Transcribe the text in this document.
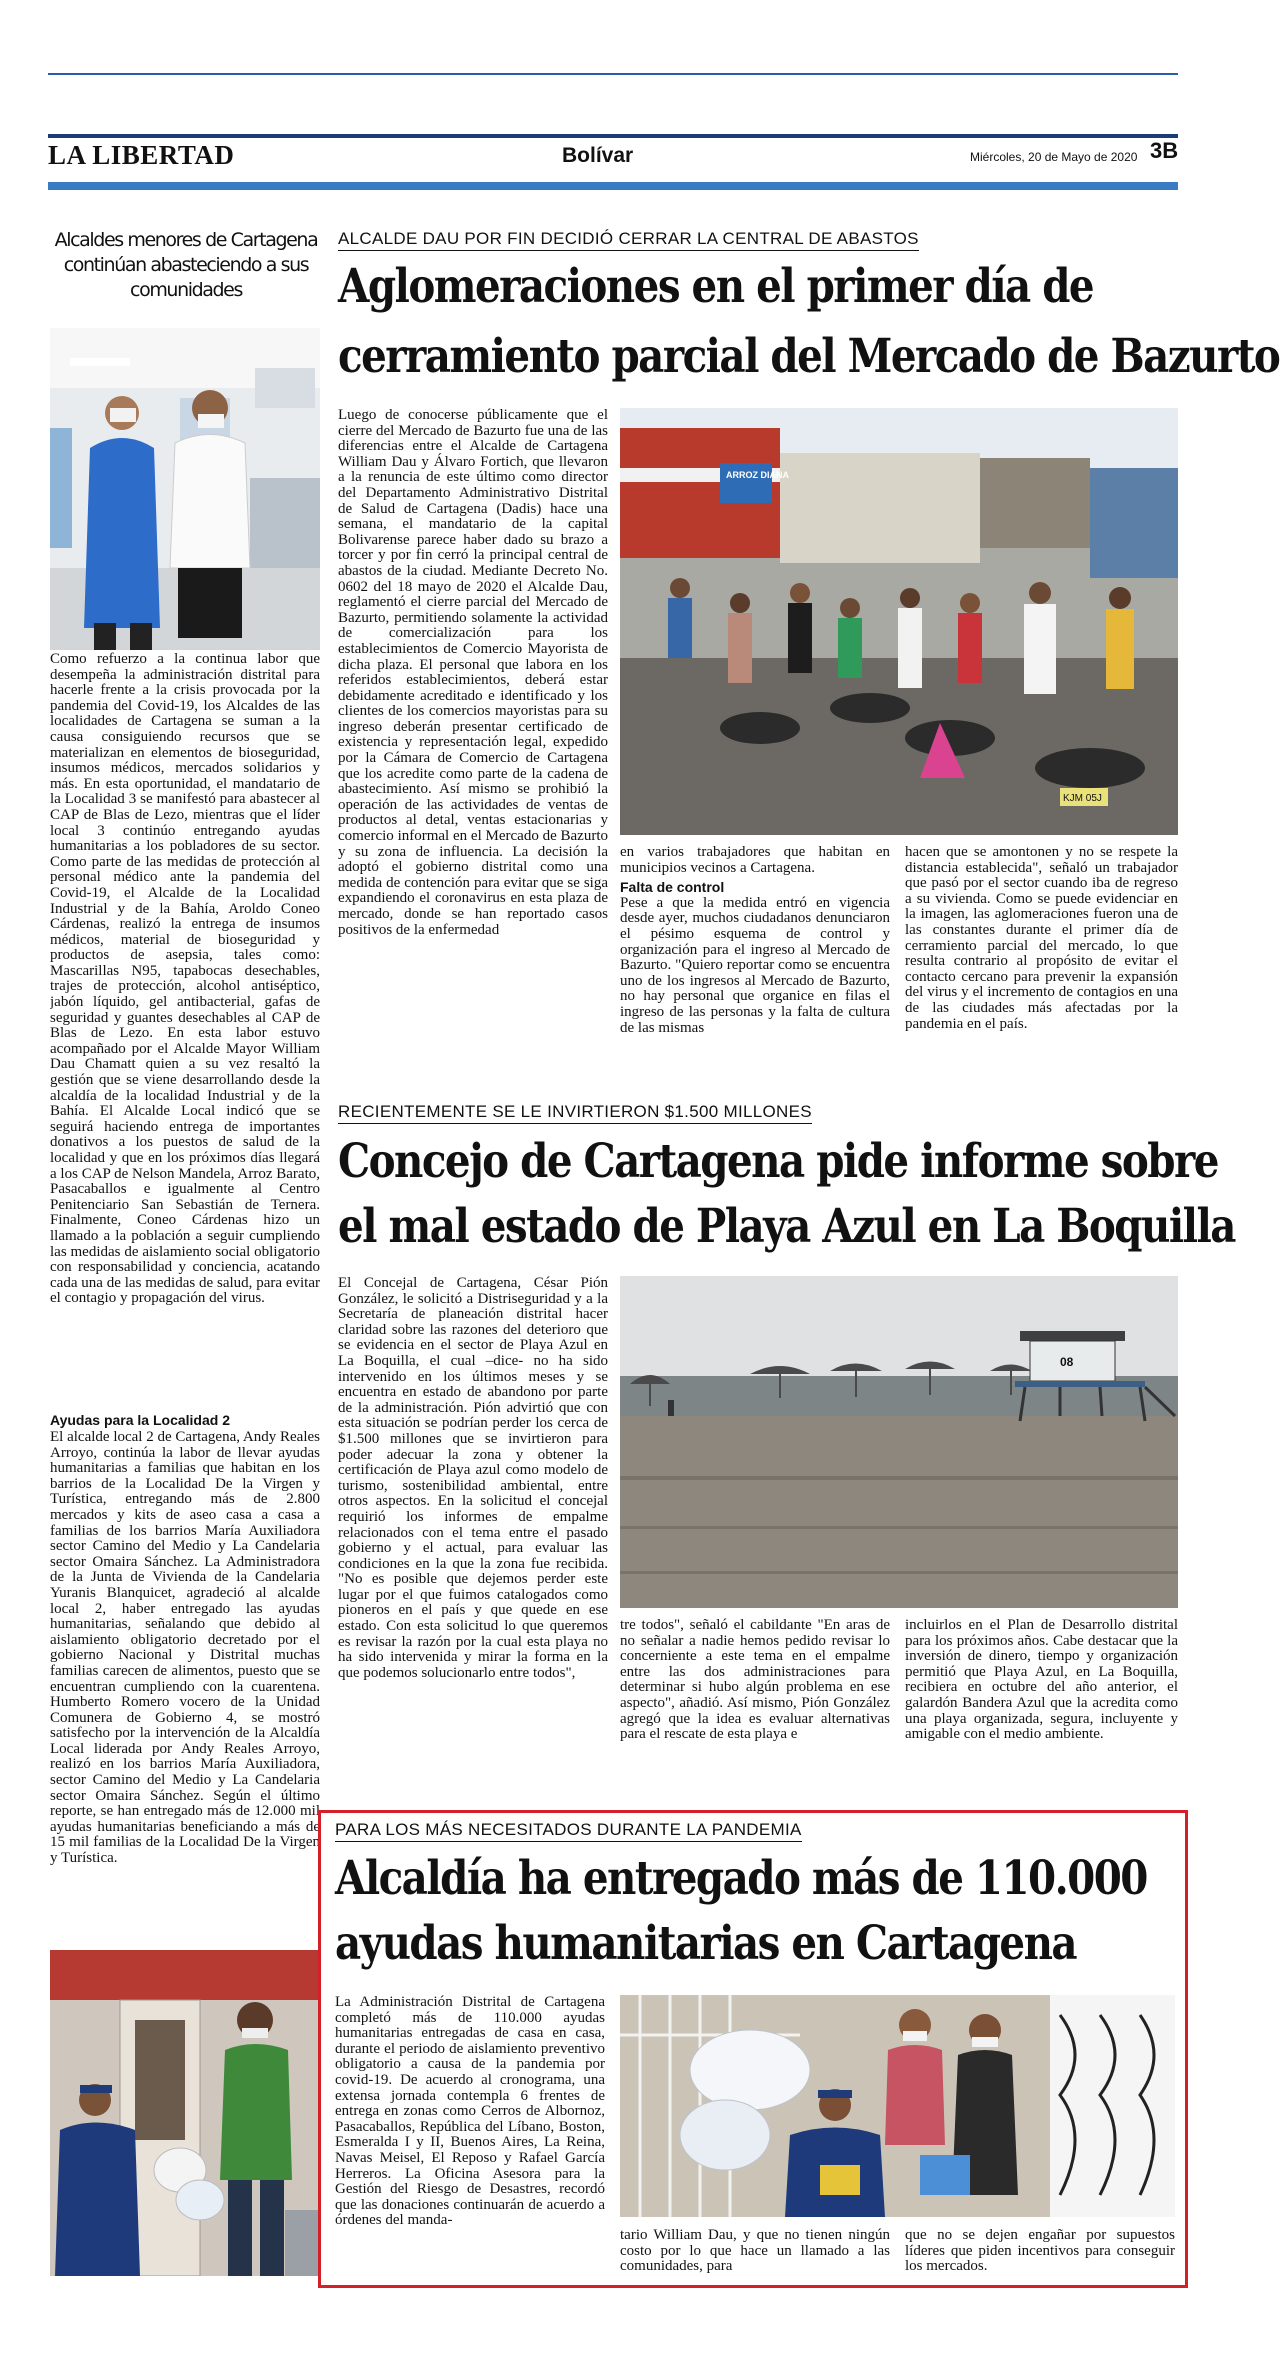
LA LIBERTAD	Bolívar	Miércoles, 20 de Mayo de 2020 3B
Alcaldes menores de Cartagena continúan abasteciendo a sus comunidades

Como refuerzo a la continua labor que desempeña la administración distrital para hacerle frente a la crisis provocada por la pandemia del Covid-19, los Alcaldes de las localidades de Cartagena se suman a la causa consiguiendo recursos que se materializan en elementos de bioseguridad, insumos médicos, mercados solidarios y más. En esta oportunidad, el mandatario de la Localidad 3 se manifestó para abastecer al CAP de Blas de Lezo, mientras que el líder local 3 continúo entregando ayudas humanitarias a los pobladores de su sector. Como parte de las medidas de protección al personal médico ante la pandemia del Covid-19, el Alcalde de la Localidad Industrial y de la Bahía, Aroldo Coneo Cárdenas, realizó la entrega de insumos médicos, material de bioseguridad y productos de asepsia, tales como: Mascarillas N95, tapabocas desechables, trajes de protección, alcohol antiséptico, jabón líquido, gel antibacterial, gafas de seguridad y guantes desechables al CAP de Blas de Lezo. En esta labor estuvo acompañado por el Alcalde Mayor William Dau Chamatt quien a su vez resaltó la gestión que se viene desarrollando desde la alcaldía de la localidad Industrial y de la Bahía. El Alcalde Local indicó que se seguirá haciendo entrega de importantes donativos a los puestos de salud de la localidad y que en los próximos días llegará a los CAP de Nelson Mandela, Arroz Barato, Pasacaballos e igualmente al Centro Penitenciario San Sebastián de Ternera. Finalmente, Coneo Cárdenas hizo un llamado a la población a seguir cumpliendo las medidas de aislamiento social obligatorio con responsabilidad y conciencia, acatando cada una de las medidas de salud, para evitar el contagio y propagación del virus.

Ayudas para la Localidad 2

El alcalde local 2 de Cartagena, Andy Reales Arroyo, continúa la labor de llevar ayudas humanitarias a familias que habitan en los barrios de la Localidad De la Virgen y Turística, entregando más de 2.800 mercados y kits de aseo casa a casa a familias de los barrios María Auxiliadora sector Camino del Medio y La Candelaria sector Omaira Sánchez. La Administradora de la Junta de Vivienda de la Candelaria Yuranis Blanquicet, agradeció al alcalde local 2, haber entregado las ayudas humanitarias, señalando que debido al aislamiento obligatorio decretado por el gobierno Nacional y Distrital muchas familias carecen de alimentos, puesto que se encuentran cumpliendo con la cuarentena. Humberto Romero vocero de la Unidad Comunera de Gobierno 4, se mostró satisfecho por la intervención de la Alcaldía Local liderada por Andy Reales Arroyo, realizó en los barrios María Auxiliadora, sector Camino del Medio y La Candelaria sector Omaira Sánchez. Según el último reporte, se han entregado más de 12.000 mil ayudas humanitarias beneficiando a más de 15 mil familias de la Localidad De la Virgen y Turística.

ALCALDE DAU POR FIN DECIDIÓ CERRAR LA CENTRAL DE ABASTOS
Aglomeraciones en el primer día de
cerramiento parcial del Mercado de Bazurto

Luego de conocerse públicamente que el cierre del Mercado de Bazurto fue una de las diferencias entre el Alcalde de Cartagena William Dau y Álvaro Fortich, que llevaron a la renuncia de este último como director del Departamento Administrativo Distrital de Salud de Cartagena (Dadis) hace una semana, el mandatario de la capital Bolivarense parece haber dado su brazo a torcer y por fin cerró la principal central de abastos de la ciudad. Mediante Decreto No. 0602 del 18 mayo de 2020 el Alcalde Dau, reglamentó el cierre parcial del Mercado de Bazurto, permitiendo solamente la actividad de comercialización para los establecimientos de Comercio Mayorista de dicha plaza. El personal que labora en los referidos establecimientos, deberá estar debidamente acreditado e identificado y los clientes de los comercios mayoristas para su ingreso deberán presentar certificado de existencia y representación legal, expedido por la Cámara de Comercio de Cartagena que los acredite como parte de la cadena de abastecimiento. Así mismo se prohibió la operación de las actividades de ventas de productos al detal, ventas estacionarias y comercio informal en el Mercado de Bazurto y su zona de influencia. La decisión la adoptó el gobierno distrital como una medida de contención para evitar que se siga expandiendo el coronavirus en esta plaza de mercado, donde se han reportado casos positivos de la enfermedad

ARROZ DIANA
KJM 05J

en varios trabajadores que habitan en municipios vecinos a Cartagena.

Falta de control

Pese a que la medida entró en vigencia desde ayer, muchos ciudadanos denunciaron el pésimo esquema de control y organización para el ingreso al Mercado de Bazurto. "Quiero reportar como se encuentra uno de los ingresos al Mercado de Bazurto, no hay personal que organice en filas el ingreso de las personas y la falta de cultura de las mismas

hacen que se amontonen y no se respete la distancia establecida", señaló un trabajador que pasó por el sector cuando iba de regreso a su vivienda. Como se puede evidenciar en la imagen, las aglomeraciones fueron una de las constantes durante el primer día de cerramiento parcial del mercado, lo que resulta contrario al propósito de evitar el contacto cercano para prevenir la expansión del virus y el incremento de contagios en una de las ciudades más afectadas por la pandemia en el país.

RECIENTEMENTE SE LE INVIRTIERON $1.500 MILLONES
Concejo de Cartagena pide informe sobre
el mal estado de Playa Azul en La Boquilla

El Concejal de Cartagena, César Pión González, le solicitó a Distriseguridad y a la Secretaría de planeación distrital hacer claridad sobre las razones del deterioro que se evidencia en el sector de Playa Azul en La Boquilla, el cual –dice- no ha sido intervenido en los últimos meses y se encuentra en estado de abandono por parte de la administración. Pión advirtió que con esta situación se podrían perder los cerca de $1.500 millones que se invirtieron para poder adecuar la zona y obtener la certificación de Playa azul como modelo de turismo, sostenibilidad ambiental, entre otros aspectos. En la solicitud el concejal requirió los informes de empalme relacionados con el tema entre el pasado gobierno y el actual, para evaluar las condiciones en la que la zona fue recibida. "No es posible que dejemos perder este lugar por el que fuimos catalogados como pioneros en el país y que quede en ese estado. Con esta solicitud lo que queremos es revisar la razón por la cual esta playa no ha sido intervenida y mirar la forma en la que podemos solucionarlo entre todos",

08

tre todos", señaló el cabildante "En aras de no señalar a nadie hemos pedido revisar lo concerniente a este tema en el empalme entre las dos administraciones para determinar si hubo algún problema en ese aspecto", añadió. Así mismo, Pión González agregó que la idea es evaluar alternativas para el rescate de esta playa e

incluirlos en el Plan de Desarrollo distrital para los próximos años. Cabe destacar que la inversión de dinero, tiempo y organización permitió que Playa Azul, en La Boquilla, recibiera en octubre del año anterior, el galardón Bandera Azul que la acredita como una playa organizada, segura, incluyente y amigable con el medio ambiente.

PARA LOS MÁS NECESITADOS DURANTE LA PANDEMIA
Alcaldía ha entregado más de 110.000
ayudas humanitarias en Cartagena

La Administración Distrital de Cartagena completó más de 110.000 ayudas humanitarias entregadas de casa en casa, durante el periodo de aislamiento preventivo obligatorio a causa de la pandemia por covid-19. De acuerdo al cronograma, una extensa jornada contempla 6 frentes de entrega en zonas como Cerros de Albornoz, Pasacaballos, República del Líbano, Boston, Esmeralda I y II, Buenos Aires, La Reina, Navas Meisel, El Reposo y Rafael García Herreros. La Oficina Asesora para la Gestión del Riesgo de Desastres, recordó que las donaciones continuarán de acuerdo a órdenes del manda-

tario William Dau, y que no tienen ningún costo por lo que hace un llamado a las comunidades, para

que no se dejen engañar por supuestos líderes que piden incentivos para conseguir los mercados.
